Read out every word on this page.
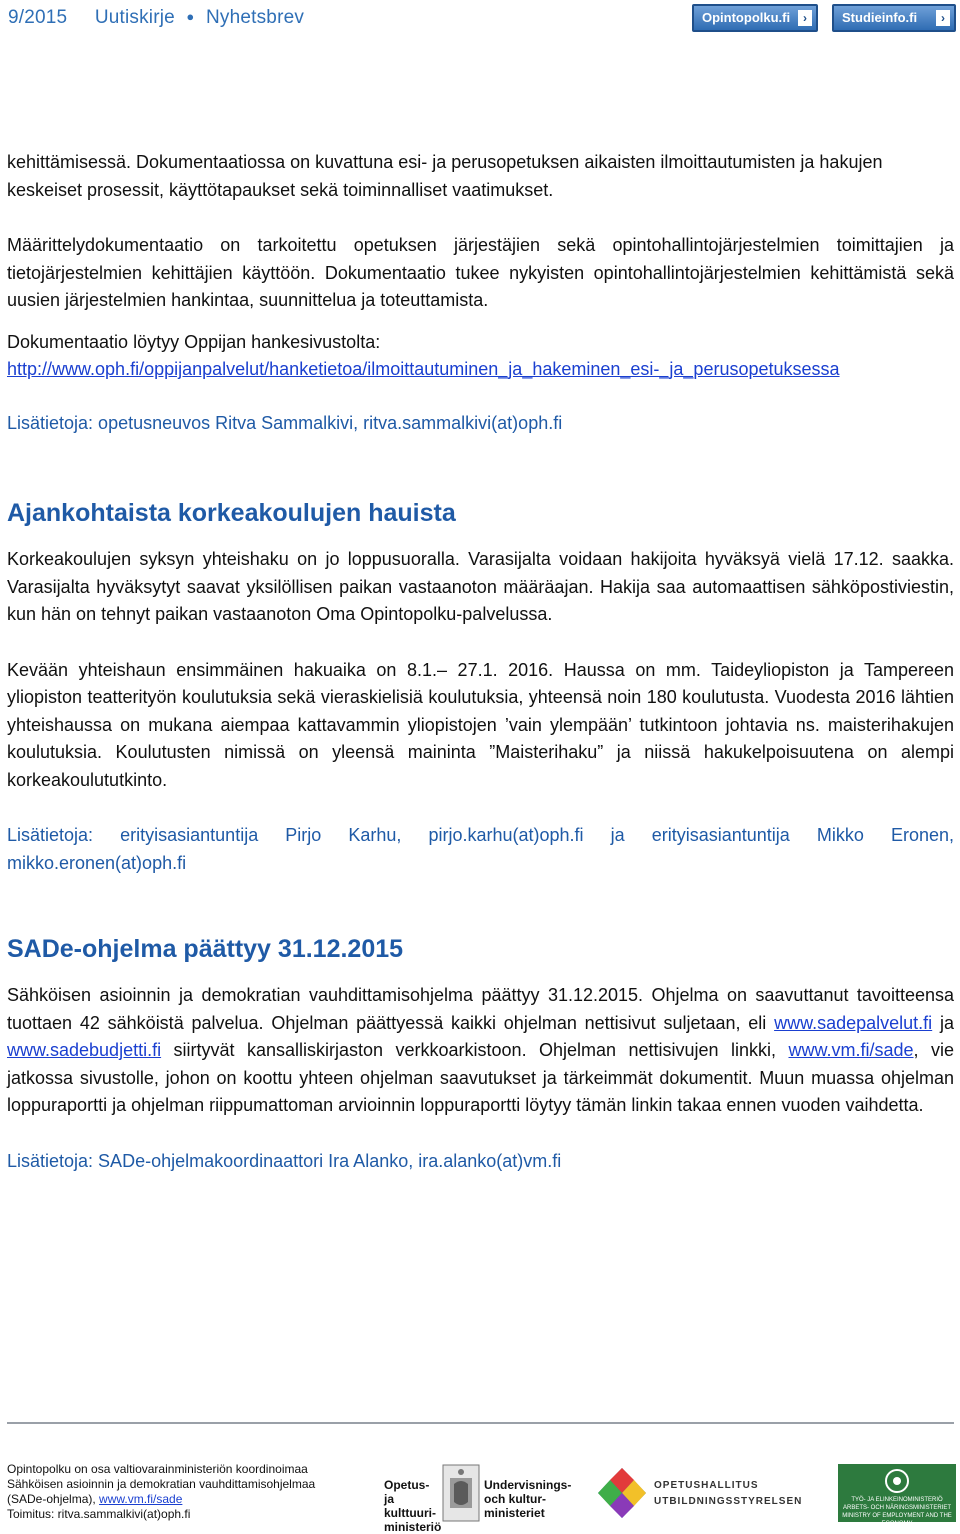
9/2015 Uutiskirje ● Nyhetsbrev	Opintopolku.fi	›	Studieinfo.fi	›

kehittämisessä. Dokumentaatiossa on kuvattuna esi- ja perusopetuksen aikaisten ilmoittautumisten ja hakujen keskeiset prosessit, käyttötapaukset sekä toiminnalliset vaatimukset.

Määrittelydokumentaatio on tarkoitettu opetuksen järjestäjien sekä opintohallintojärjestelmien toimittajien ja tietojärjestelmien kehittäjien käyttöön. Dokumentaatio tukee nykyisten opintohallintojärjestelmien kehittämistä sekä uusien järjestelmien hankintaa, suunnittelua ja toteuttamista.

Dokumentaatio löytyy Oppijan hankesivustolta:

http://www.oph.fi/oppijanpalvelut/hanketietoa/ilmoittautuminen_ja_hakeminen_esi-_ja_perusopetuksessa

Lisätietoja: opetusneuvos Ritva Sammalkivi, ritva.sammalkivi(at)oph.fi

Ajankohtaista korkeakoulujen hauista

Korkeakoulujen syksyn yhteishaku on jo loppusuoralla. Varasijalta voidaan hakijoita hyväksyä vielä 17.12. saakka. Varasijalta hyväksytyt saavat yksilöllisen paikan vastaanoton määräajan. Hakija saa automaattisen sähköpostiviestin, kun hän on tehnyt paikan vastaanoton Oma Opintopolku-palvelussa.

Kevään yhteishaun ensimmäinen hakuaika on 8.1.– 27.1. 2016. Haussa on mm. Taideyliopiston ja Tampereen yliopiston teatterityön koulutuksia sekä vieraskielisiä koulutuksia, yhteensä noin 180 koulutusta. Vuodesta 2016 lähtien yhteishaussa on mukana aiempaa kattavammin yliopistojen ’vain ylempään’ tutkintoon johtavia ns. maisterihakujen koulutuksia. Koulutusten nimissä on yleensä maininta ”Maisterihaku” ja niissä hakukelpoisuutena on alempi korkeakoulututkinto.

Lisätietoja: erityisasiantuntija Pirjo Karhu, pirjo.karhu(at)oph.fi ja erityisasiantuntija Mikko Eronen, mikko.eronen(at)oph.fi

SADe-ohjelma päättyy 31.12.2015

Sähköisen asioinnin ja demokratian vauhdittamisohjelma päättyy 31.12.2015. Ohjelma on saavuttanut tavoitteensa tuottaen 42 sähköistä palvelua. Ohjelman päättyessä kaikki ohjelman nettisivut suljetaan, eli www.sadepalvelut.fi ja www.sadebudjetti.fi siirtyvät kansalliskirjaston verkkoarkistoon. Ohjelman nettisivujen linkki, www.vm.fi/sade, vie jatkossa sivustolle, johon on koottu yhteen ohjelman saavutukset ja tärkeimmät dokumentit. Muun muassa ohjelman loppuraportti ja ohjelman riippumattoman arvioinnin loppuraportti löytyy tämän linkin takaa ennen vuoden vaihdetta.

Lisätietoja: SADe-ohjelmakoordinaattori Ira Alanko, ira.alanko(at)vm.fi

Opintopolku on osa valtiovarainministeriön koordinoimaa
Sähköisen asioinnin ja demokratian vauhdittamisohjelmaa
(SADe-ohjelma), www.vm.fi/sade
Toimitus: ritva.sammalkivi(at)oph.fi
Opetus- ja kulttuuri-ministeriö
Undervisnings- och kultur-ministeriet
OPETUSHALLITUS
UTBILDNINGSSTYRELSEN	TYÖ- JA ELINKEINOMINISTERIÖ ARBETS- OCH NÄRINGSMINISTERIET MINISTRY OF EMPLOYMENT AND THE ECONOMY
